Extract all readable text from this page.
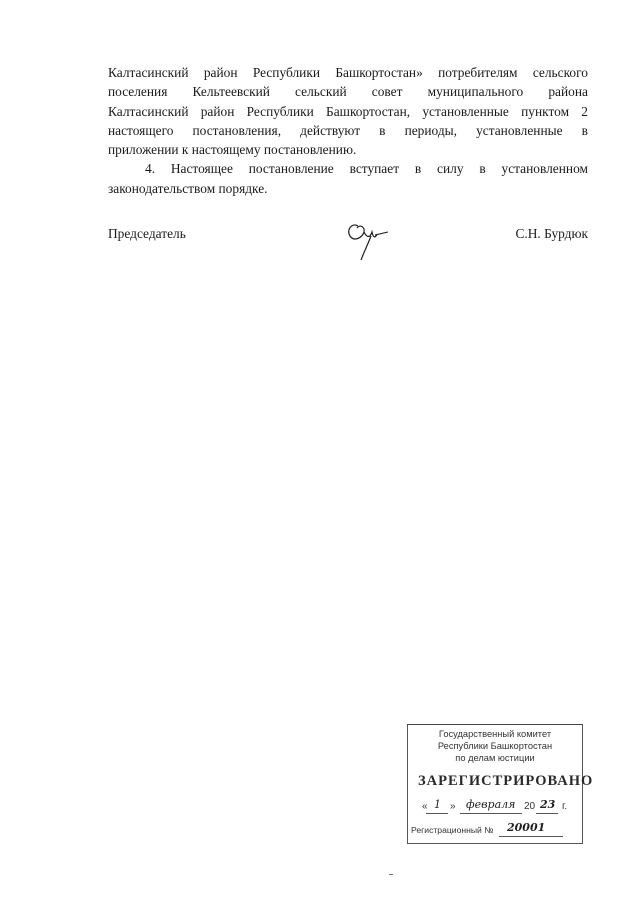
Калтасинский район Республики Башкортостан» потребителям сельского
поселения Кельтеевский сельский совет муниципального района
Калтасинский район Республики Башкортостан, установленные пунктом 2
настоящего постановления, действуют в периоды, установленные в
приложении к настоящему постановлению.
4. Настоящее постановление вступает в силу в установленном
законодательством порядке.
Председатель	С.Н. Бурдюк
Государственный комитет
Республики Башкортостан
по делам юстиции
ЗАРЕГИСТРИРОВАНО
« 1 » февраля 20 23 г.
Регистрационный № 20001
